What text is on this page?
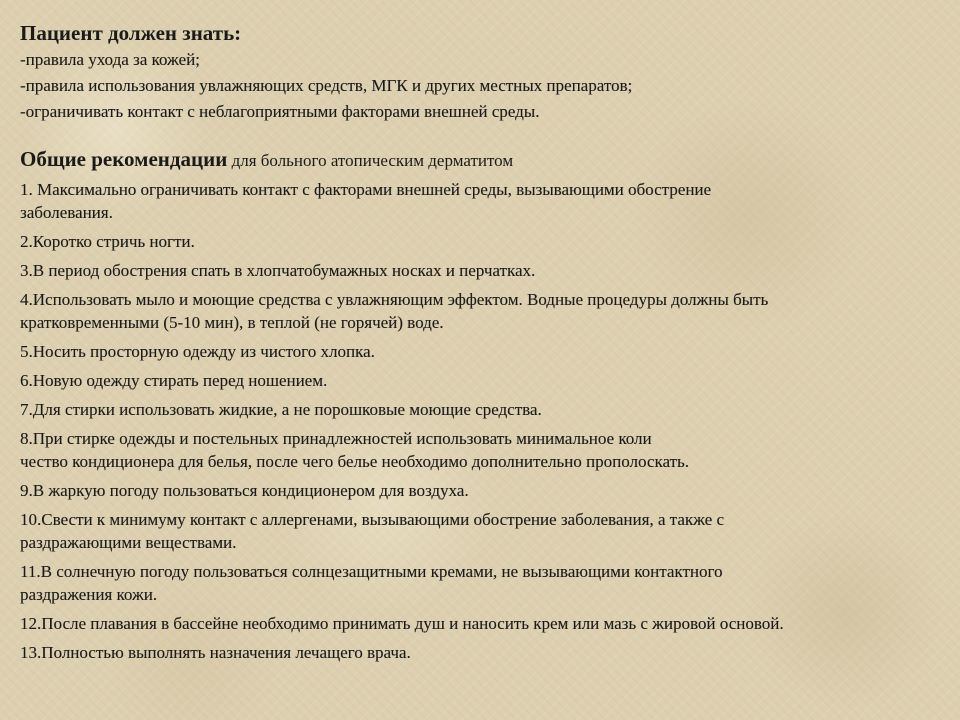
Пациент должен знать:

-правила ухода за кожей;

-правила использования увлажняющих средств, МГК и других местных препаратов;

-ограничивать контакт с неблагоприятными факторами внешней среды.

Общие рекомендации для больного атопическим дерматитом

1. Максимально ограничивать контакт с факторами внешней среды, вызывающими обострение
заболевания.
2.Коротко стричь ногти.
3.В период обострения спать в хлопчатобумажных носках и перчатках.
4.Использовать мыло и моющие средства с увлажняющим эффектом. Водные процедуры должны быть
кратковременными (5-10 мин), в теплой (не горячей) воде.
5.Носить просторную одежду из чистого хлопка.
6.Новую одежду стирать перед ношением.
7.Для стирки использовать жидкие, а не порошковые моющие средства.
8.При стирке одежды и постельных принадлежностей использовать минимальное коли
чество кондиционера для белья, после чего белье необходимо дополнительно прополоскать.
9.В жаркую погоду пользоваться кондиционером для воздуха.
10.Свести к минимуму контакт с аллергенами, вызывающими обострение заболевания, а также с
раздражающими веществами.
11.В солнечную погоду пользоваться солнцезащитными кремами, не вызывающими контактного
раздражения кожи.
12.После плавания в бассейне необходимо принимать душ и наносить крем или мазь с жировой основой.
13.Полностью выполнять назначения лечащего врача.
